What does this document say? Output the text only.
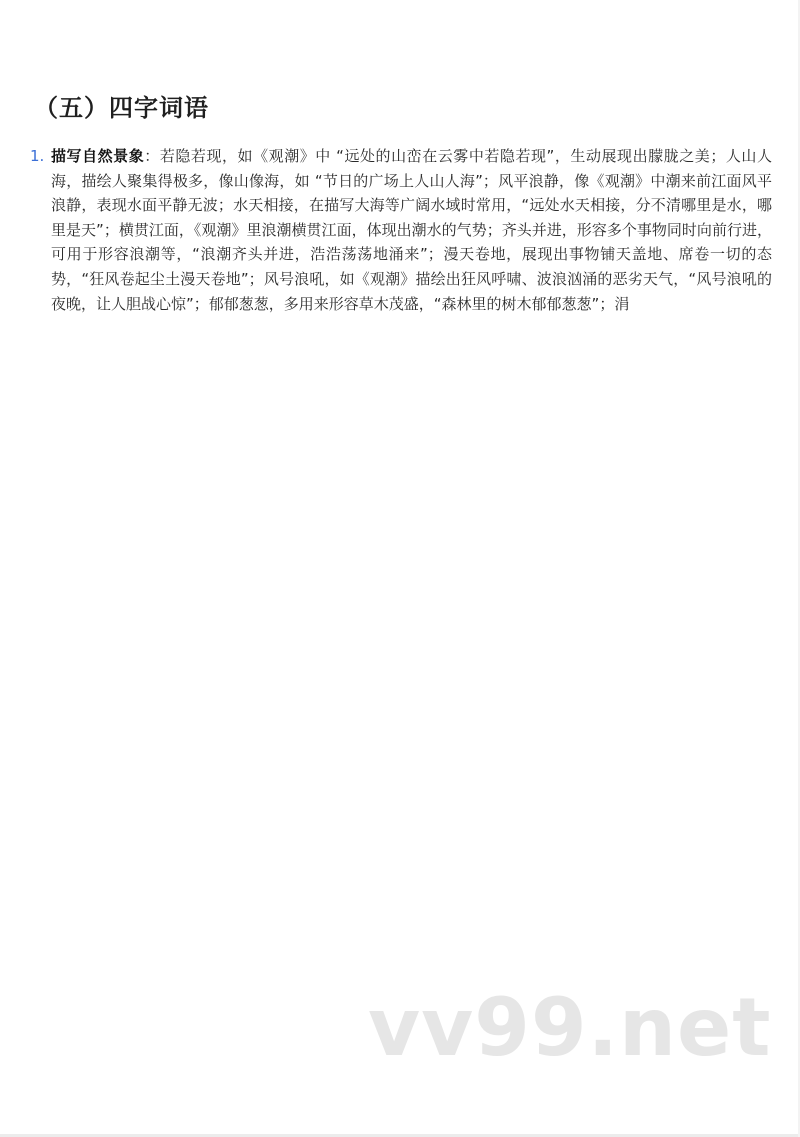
（五）四字词语
1. 描写自然景象：若隐若现，如《观潮》中 “远处的山峦在云雾中若隐若现”，生动展现出朦胧之美；人山人海，描绘人聚集得极多，像山像海，如 “节日的广场上人山人海”；风平浪静，像《观潮》中潮来前江面风平浪静，表现水面平静无波；水天相接，在描写大海等广阔水域时常用，“远处水天相接，分不清哪里是水，哪里是天”；横贯江面，《观潮》里浪潮横贯江面，体现出潮水的气势；齐头并进，形容多个事物同时向前行进，可用于形容浪潮等，“浪潮齐头并进，浩浩荡荡地涌来”；漫天卷地，展现出事物铺天盖地、席卷一切的态势，“狂风卷起尘土漫天卷地”；风号浪吼，如《观潮》描绘出狂风呼啸、波浪汹涌的恶劣天气，“风号浪吼的夜晚，让人胆战心惊”；郁郁葱葱，多用来形容草木茂盛，“森林里的树木郁郁葱葱”；涓
vv99.net
